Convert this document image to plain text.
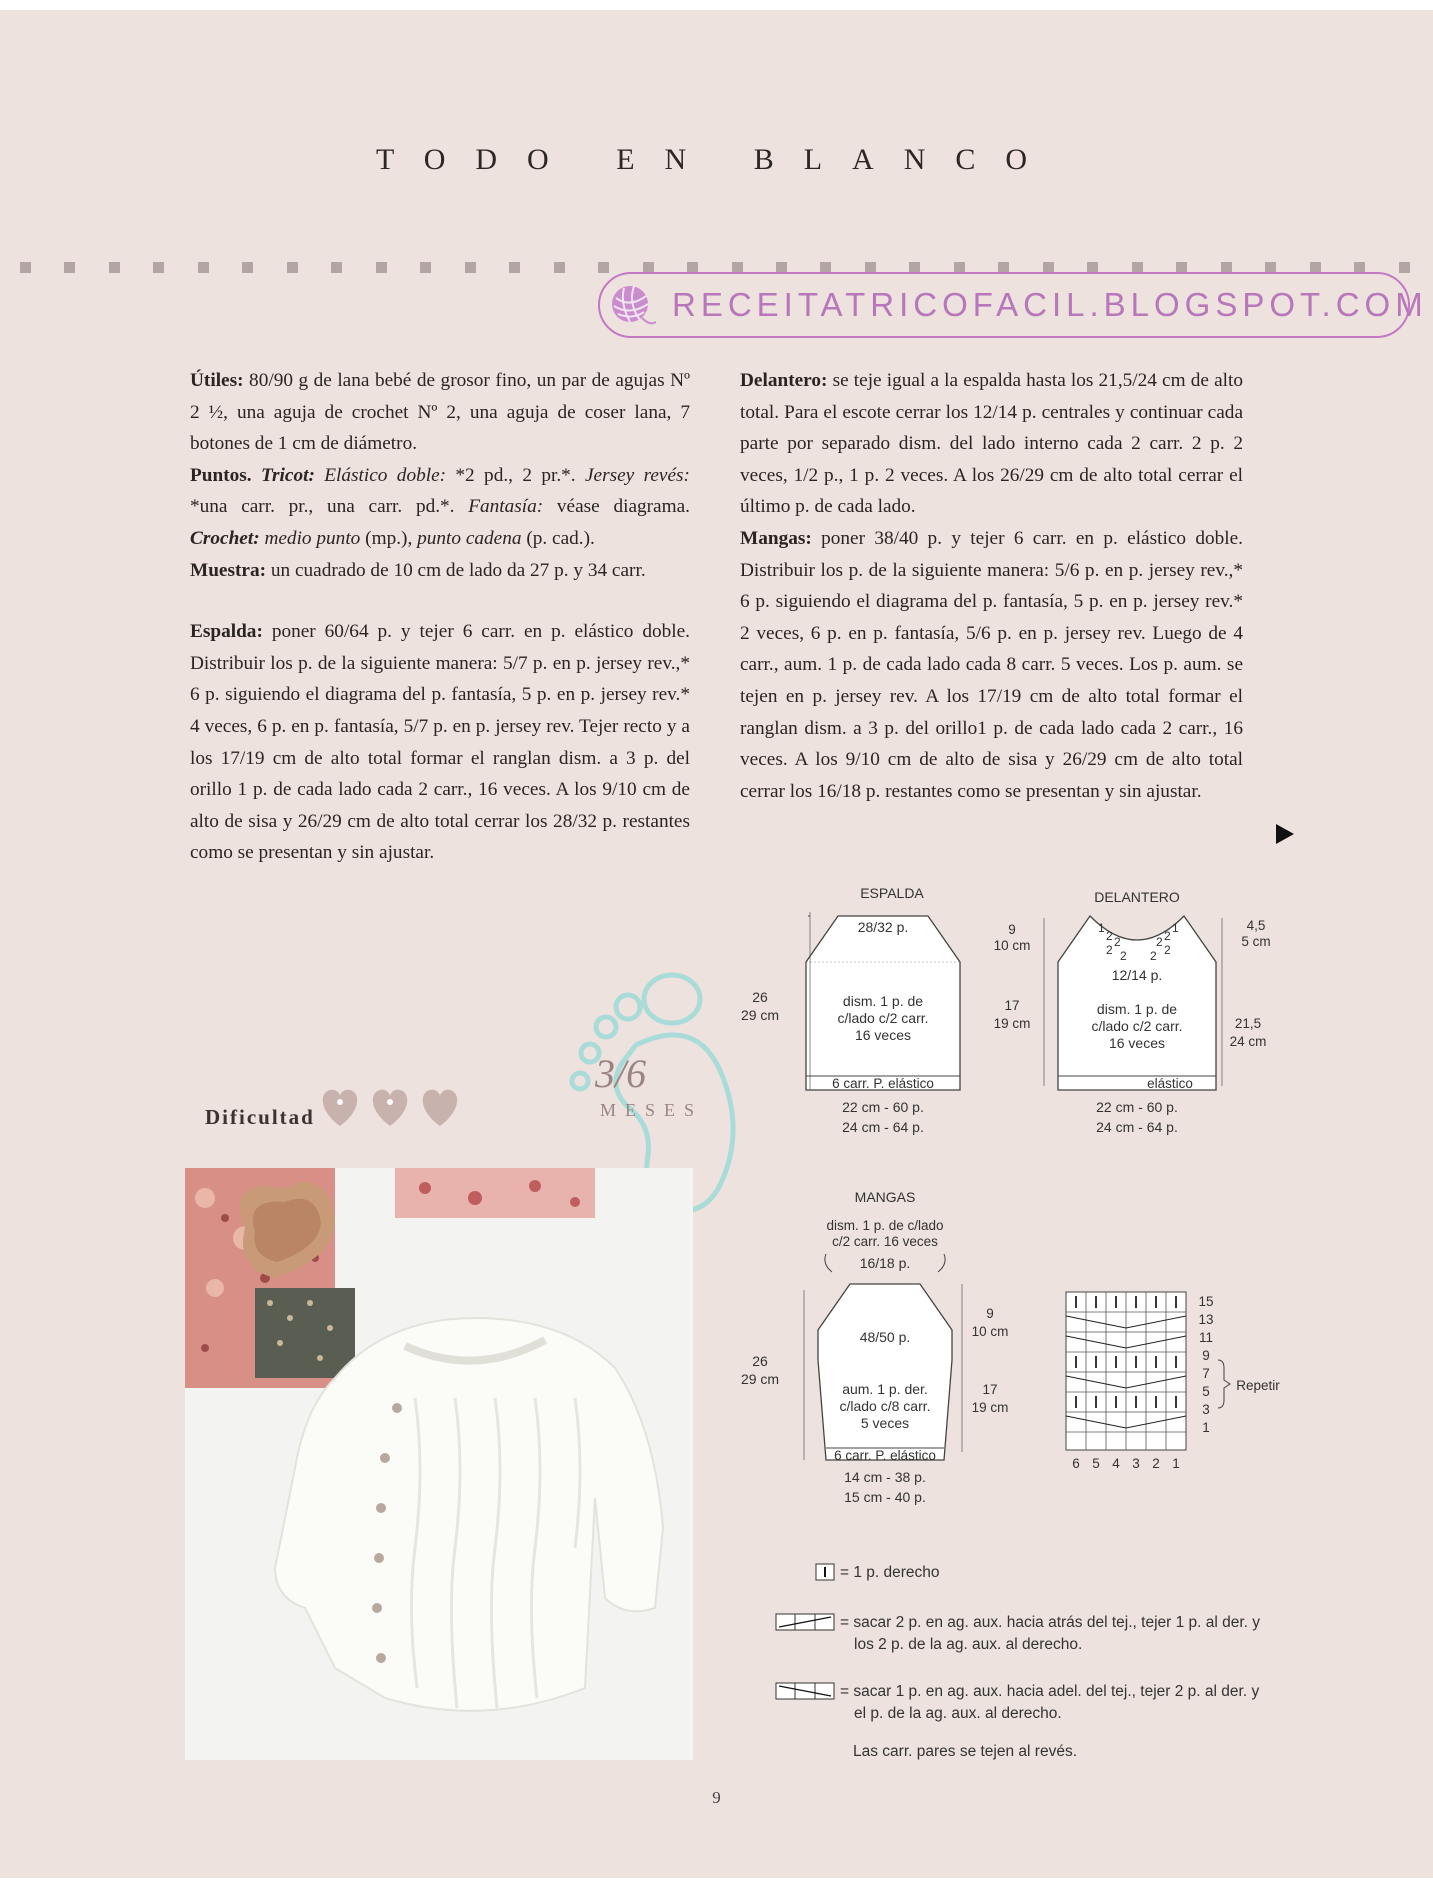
TODO EN BLANCO
RECEITATRICOFACIL.BLOGSPOT.COM

Útiles: 80/90 g de lana bebé de grosor fino, un par de agujas Nº 2 ½, una aguja de crochet Nº 2, una aguja de coser lana, 7 botones de 1 cm de diámetro.

Puntos. Tricot: Elástico doble: *2 pd., 2 pr.*. Jersey revés: *una carr. pr., una carr. pd.*. Fantasía: véase diagrama. Crochet: medio punto (mp.), punto cadena (p. cad.).

Muestra: un cuadrado de 10 cm de lado da 27 p. y 34 carr.

Espalda: poner 60/64 p. y tejer 6 carr. en p. elástico doble. Distribuir los p. de la siguiente manera: 5/7 p. en p. jersey rev.,* 6 p. siguiendo el diagrama del p. fantasía, 5 p. en p. jersey rev.* 4 veces, 6 p. en p. fantasía, 5/7 p. en p. jersey rev. Tejer recto y a los 17/19 cm de alto total formar el ranglan dism. a 3 p. del orillo 1 p. de cada lado cada 2 carr., 16 veces. A los 9/10 cm de alto de sisa y 26/29 cm de alto total cerrar los 28/32 p. restantes como se presentan y sin ajustar.

Delantero: se teje igual a la espalda hasta los 21,5/24 cm de alto total. Para el escote cerrar los 12/14 p. centrales y continuar cada parte por separado dism. del lado interno cada 2 carr. 2 p. 2 veces, 1/2 p., 1 p. 2 veces. A los 26/29 cm de alto total cerrar el último p. de cada lado.

Mangas: poner 38/40 p. y tejer 6 carr. en p. elástico doble. Distribuir los p. de la siguiente manera: 5/6 p. en p. jersey rev.,* 6 p. siguiendo el diagrama del p. fantasía, 5 p. en p. jersey rev.* 2 veces, 6 p. en p. fantasía, 5/6 p. en p. jersey rev. Luego de 4 carr., aum. 1 p. de cada lado cada 8 carr. 5 veces. Los p. aum. se tejen en p. jersey rev. A los 17/19 cm de alto total formar el ranglan dism. a 3 p. del orillo1 p. de cada lado cada 2 carr., 16 veces. A los 9/10 cm de alto de sisa y 26/29 cm de alto total cerrar los 16/18 p. restantes como se presentan y sin ajustar.

ESPALDA
28/32 p.
26
29 cm
dism. 1 p. de
c/lado c/2 carr.
16 veces
6 carr. P. elástico
22 cm - 60 p.
24 cm - 64 p.
DELANTERO
9
10 cm
17
19 cm
4,5
5 cm
21,5
24 cm
1
2 2
2 2
1
2
2
2
2
12/14 p.
dism. 1 p. de
c/lado c/2 carr.
16 veces
elástico
22 cm - 60 p.
24 cm - 64 p.
MANGAS
dism. 1 p. de c/lado
c/2 carr. 16 veces
16/18 p.
26
29 cm
9
10 cm
17
19 cm
48/50 p.
aum. 1 p. der.
c/lado c/8 carr.
5 veces
6 carr. P. elástico
14 cm - 38 p.
15 cm - 40 p.
15
13
11
9
7
5
3
1
Repetir
6 5 4 3 2 1
= 1 p. derecho
= sacar 2 p. en ag. aux. hacia atrás del tej., tejer 1 p. al der. y
los 2 p. de la ag. aux. al derecho.
= sacar 1 p. en ag. aux. hacia adel. del tej., tejer 2 p. al der. y
el p. de la ag. aux. al derecho.
Las carr. pares se tejen al revés.
3/6
MESES
Dificultad
9
